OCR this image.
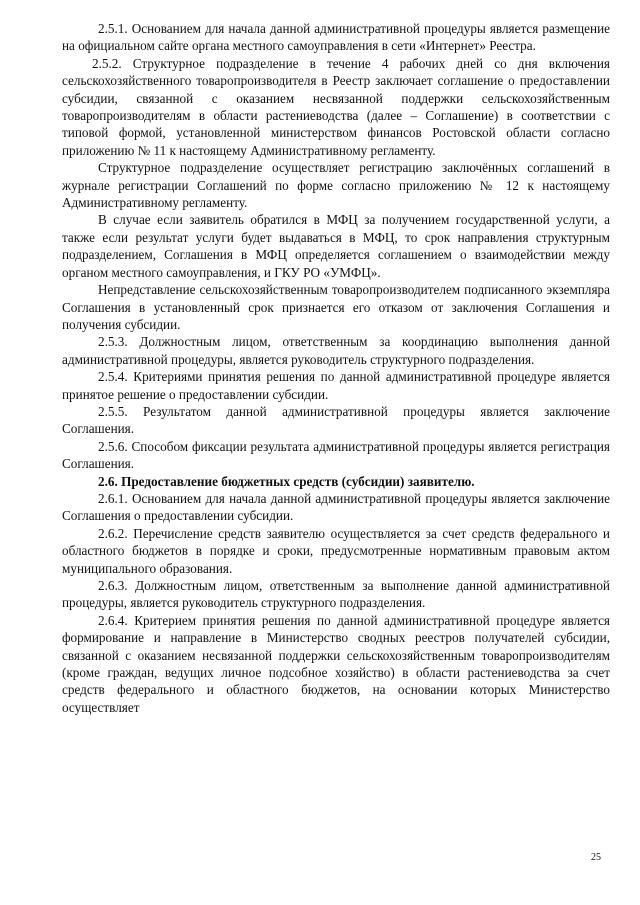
2.5.1. Основанием для начала данной административной процедуры является размещение на официальном сайте органа местного самоуправления в сети «Интернет» Реестра.

2.5.2. Структурное подразделение в течение 4 рабочих дней со дня включения сельскохозяйственного товаропроизводителя в Реестр заключает соглашение о предоставлении субсидии, связанной с оказанием несвязанной поддержки сельскохозяйственным товаропроизводителям в области растениеводства (далее – Соглашение) в соответствии с типовой формой, установленной министерством финансов Ростовской области согласно приложению № 11 к настоящему Административному регламенту.

Структурное подразделение осуществляет регистрацию заключённых соглашений в журнале регистрации Соглашений по форме согласно приложению № 12 к настоящему Административному регламенту.

В случае если заявитель обратился в МФЦ за получением государственной услуги, а также если результат услуги будет выдаваться в МФЦ, то срок направления структурным подразделением, Соглашения в МФЦ определяется соглашением о взаимодействии между органом местного самоуправления, и ГКУ РО «УМФЦ».

Непредставление сельскохозяйственным товаропроизводителем подписанного экземпляра Соглашения в установленный срок признается его отказом от заключения Соглашения и получения субсидии.

2.5.3. Должностным лицом, ответственным за координацию выполнения данной административной процедуры, является руководитель структурного подразделения.

2.5.4. Критериями принятия решения по данной административной процедуре является принятое решение о предоставлении субсидии.

2.5.5. Результатом данной административной процедуры является заключение Соглашения.

2.5.6. Способом фиксации результата административной процедуры является регистрация Соглашения.

2.6. Предоставление бюджетных средств (субсидии) заявителю.

2.6.1. Основанием для начала данной административной процедуры является заключение Соглашения о предоставлении субсидии.

2.6.2. Перечисление средств заявителю осуществляется за счет средств федерального и областного бюджетов в порядке и сроки, предусмотренные нормативным правовым актом муниципального образования.

2.6.3. Должностным лицом, ответственным за выполнение данной административной процедуры, является руководитель структурного подразделения.

2.6.4. Критерием принятия решения по данной административной процедуре является формирование и направление в Министерство сводных реестров получателей субсидии, связанной с оказанием несвязанной поддержки сельскохозяйственным товаропроизводителям (кроме граждан, ведущих личное подсобное хозяйство) в области растениеводства за счет средств федерального и областного бюджетов, на основании которых Министерство осуществляет

25
